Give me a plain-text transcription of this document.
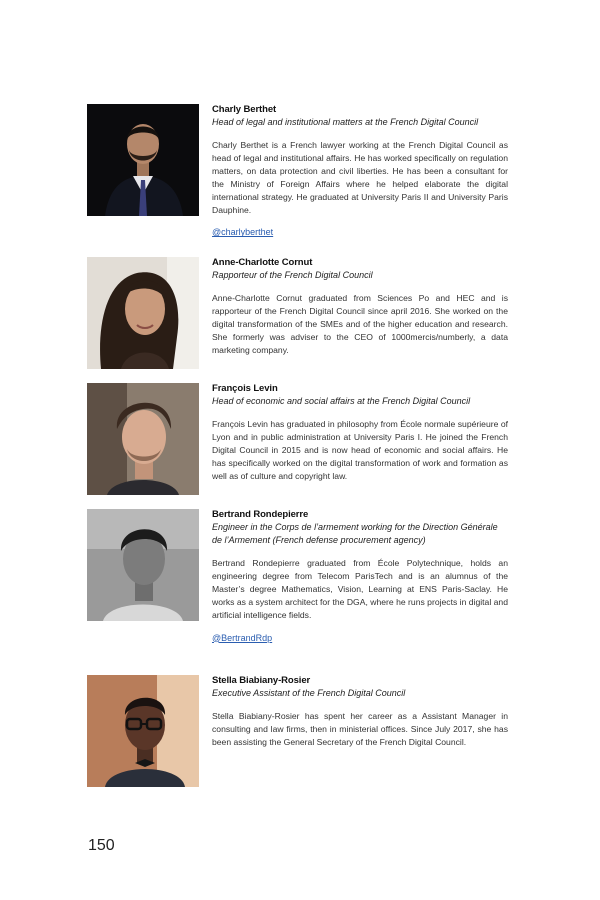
Charly Berthet
Head of legal and institutional matters at the French Digital Council
Charly Berthet is a French lawyer working at the French Digital Council as head of legal and institutional affairs. He has worked specifically on regulation matters, on data protection and civil liberties. He has been a consultant for the Ministry of Foreign Affairs where he helped elaborate the digital international strategy. He graduated at University Paris II and University Paris Dauphine.
@charlyberthet
Anne-Charlotte Cornut
Rapporteur of the French Digital Council
Anne-Charlotte Cornut graduated from Sciences Po and HEC and is rapporteur of the French Digital Council since april 2016. She worked on the digital transformation of the SMEs and of the higher education and research. She formerly was adviser to the CEO of 1000mercis/numberly, a data marketing company.
François Levin
Head of economic and social affairs at the French Digital Council
François Levin has graduated in philosophy from École normale supérieure of Lyon and in public administration at University Paris I. He joined the French Digital Council in 2015 and is now head of economic and social affairs. He has specifically worked on the digital transformation of work and formation as well as of culture and copyright law.
Bertrand Rondepierre
Engineer in the Corps de l’armement working for the Direction Générale de l’Armement (French defense procurement agency)
Bertrand Rondepierre graduated from École Polytechnique, holds an engineering degree from Telecom ParisTech and is an alumnus of the Master’s degree Mathematics, Vision, Learning at ENS Paris-Saclay. He works as a system architect for the DGA, where he runs projects in digital and artificial intelligence fields.
@BertrandRdp
Stella Biabiany-Rosier
Executive Assistant of the French Digital Council
Stella Biabiany-Rosier has spent her career as a Assistant Manager in consulting and law firms, then in ministerial offices. Since July 2017, she has been assisting the General Secretary of the French Digital Council.
150
